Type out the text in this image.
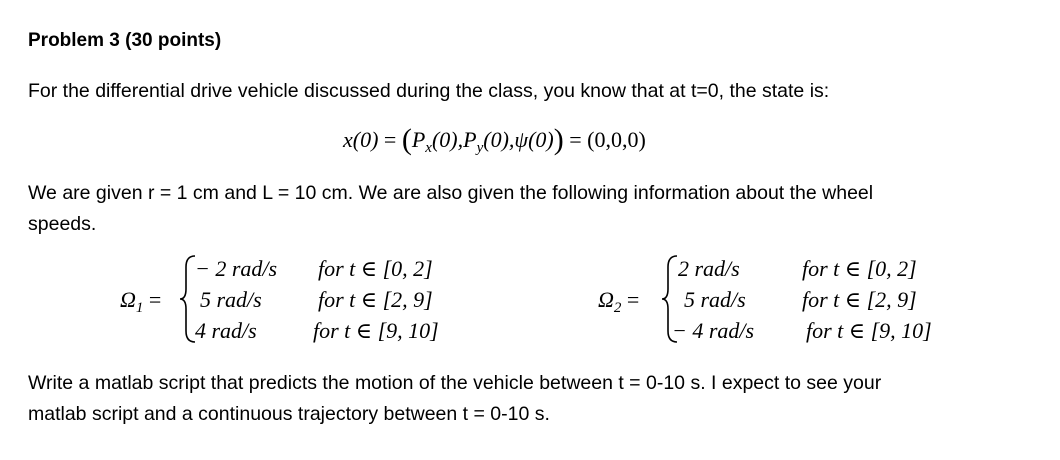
Problem 3 (30 points)
For the differential drive vehicle discussed during the class, you know that at t=0, the state is:
$x(0) = (P_x(0),P_y(0),\psi(0)) = (0,0,0)$
We are given r = 1 cm and L = 10 cm. We are also given the following information about the wheel
speeds.
$\Omega_1$ =
− 2 rad/s for t ∈ [0, 2]
5 rad/s	for t ∈ [2, 9]
4 rad/s	for t ∈ [9, 10]
$\Omega_2$ =
2 rad/s	for t ∈ [0, 2]
5 rad/s	for t ∈ [2, 9]
− 4 rad/s for t ∈ [9, 10]
Write a matlab script that predicts the motion of the vehicle between t = 0-10 s. I expect to see your
matlab script and a continuous trajectory between t = 0-10 s.
